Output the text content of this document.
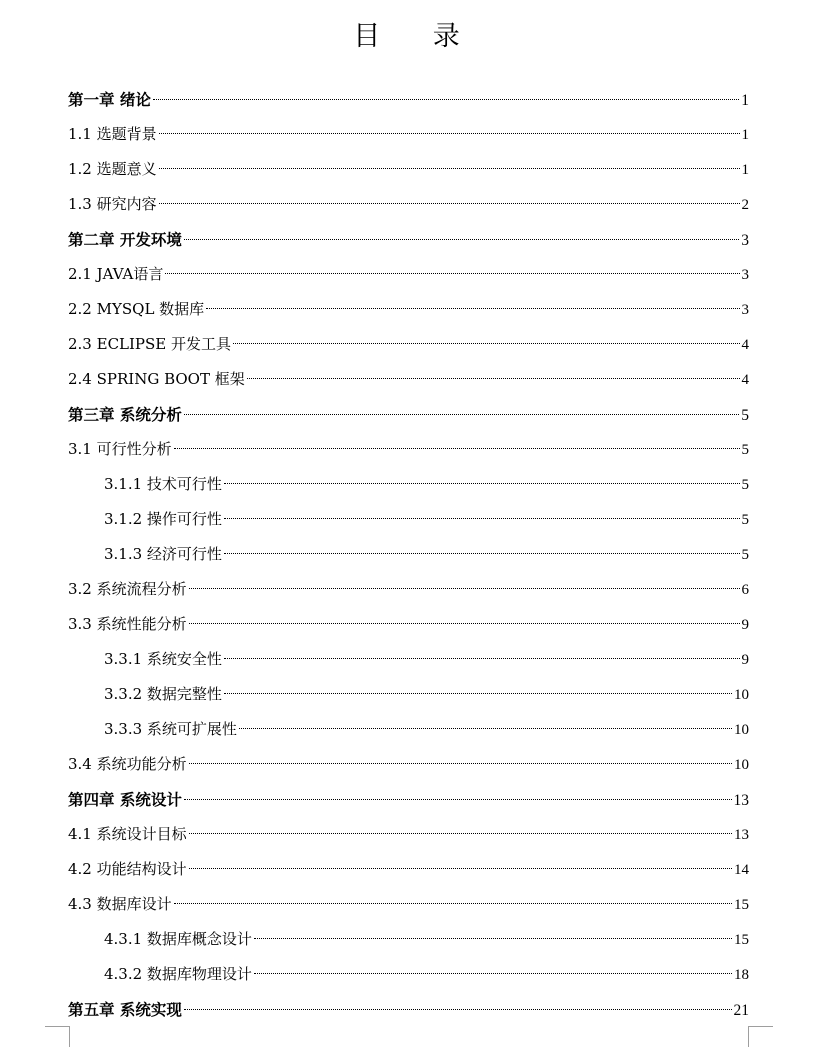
目 录
第一章 绪论	1
1.1 选题背景	1
1.2 选题意义	1
1.3 研究内容	2
第二章 开发环境	3
2.1 JAVA语言	3
2.2 MYSQL 数据库	3
2.3 ECLIPSE 开发工具	4
2.4 SPRING BOOT 框架	4
第三章 系统分析	5
3.1 可行性分析	5
3.1.1 技术可行性	5
3.1.2 操作可行性	5
3.1.3 经济可行性	5
3.2 系统流程分析	6
3.3 系统性能分析	9
3.3.1 系统安全性	9
3.3.2 数据完整性	10
3.3.3 系统可扩展性	10
3.4 系统功能分析	10
第四章 系统设计	13
4.1 系统设计目标	13
4.2 功能结构设计	14
4.3 数据库设计	15
4.3.1 数据库概念设计	15
4.3.2 数据库物理设计	18
第五章 系统实现	21
